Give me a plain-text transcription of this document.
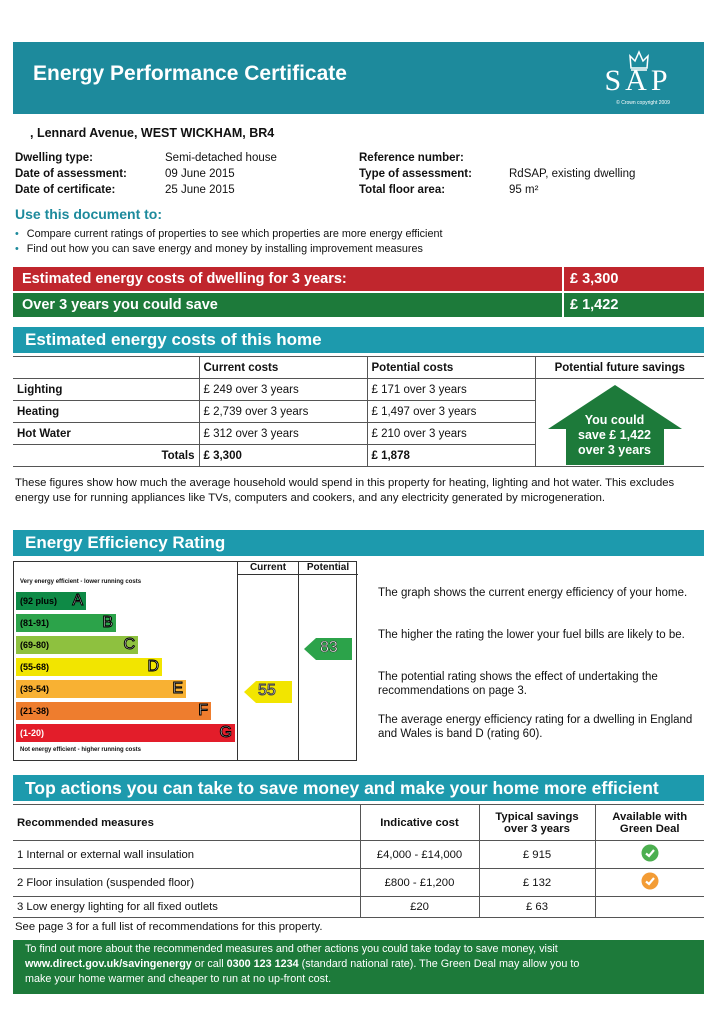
Energy Performance Certificate	SAP
© Crown copyright 2009
, Lennard Avenue, WEST WICKHAM, BR4
Dwelling type:	Semi-detached house
Date of assessment:	09 June 2015
Date of certificate:	25 June 2015
Reference number:
Type of assessment:	RdSAP, existing dwelling
Total floor area:	95 m²
Use this document to:
• Compare current ratings of properties to see which properties are more energy efficient
• Find out how you can save energy and money by installing improvement measures
Estimated energy costs of dwelling for 3 years:	£ 3,300
Over 3 years you could save	£ 1,422
Estimated energy costs of this home
	Current costs	Potential costs	Potential future savings
Lighting	£ 249 over 3 years	£ 171 over 3 years	You could
save £ 1,422
over 3 years

Heating	£ 2,739 over 3 years	£ 1,497 over 3 years	
Hot Water	£ 312 over 3 years	£ 210 over 3 years	
Totals	£ 3,300	£ 1,878	
These figures show how much the average household would spend in this property for heating, lighting and hot water. This excludes energy use for running appliances like TVs, computers and cookers, and any electricity generated by microgeneration.
Energy Efficiency Rating
Current	Potential
Very energy efficient - lower running costs
(92 plus) A
(81-91)	B
(69-80)	C
(55-68)	D
(39-54)	E
(21-38)	F
(1-20)	G
Not energy efficient - higher running costs
55
83
The graph shows the current energy efficiency of your home.
The higher the rating the lower your fuel bills are likely to be.
The potential rating shows the effect of undertaking the recommendations on page 3.
The average energy efficiency rating for a dwelling in England and Wales is band D (rating 60).
Top actions you can take to save money and make your home more efficient
Recommended measures	Indicative cost	Typical savings over 3 years	Available with Green Deal
1 Internal or external wall insulation	£4,000 - £14,000	£ 915	
2 Floor insulation (suspended floor)	£800 - £1,200	£ 132	
3 Low energy lighting for all fixed outlets	£20	£ 63	
See page 3 for a full list of recommendations for this property.
To find out more about the recommended measures and other actions you could take today to save money, visit
www.direct.gov.uk/savingenergy or call 0300 123 1234 (standard national rate). The Green Deal may allow you to
make your home warmer and cheaper to run at no up-front cost.
